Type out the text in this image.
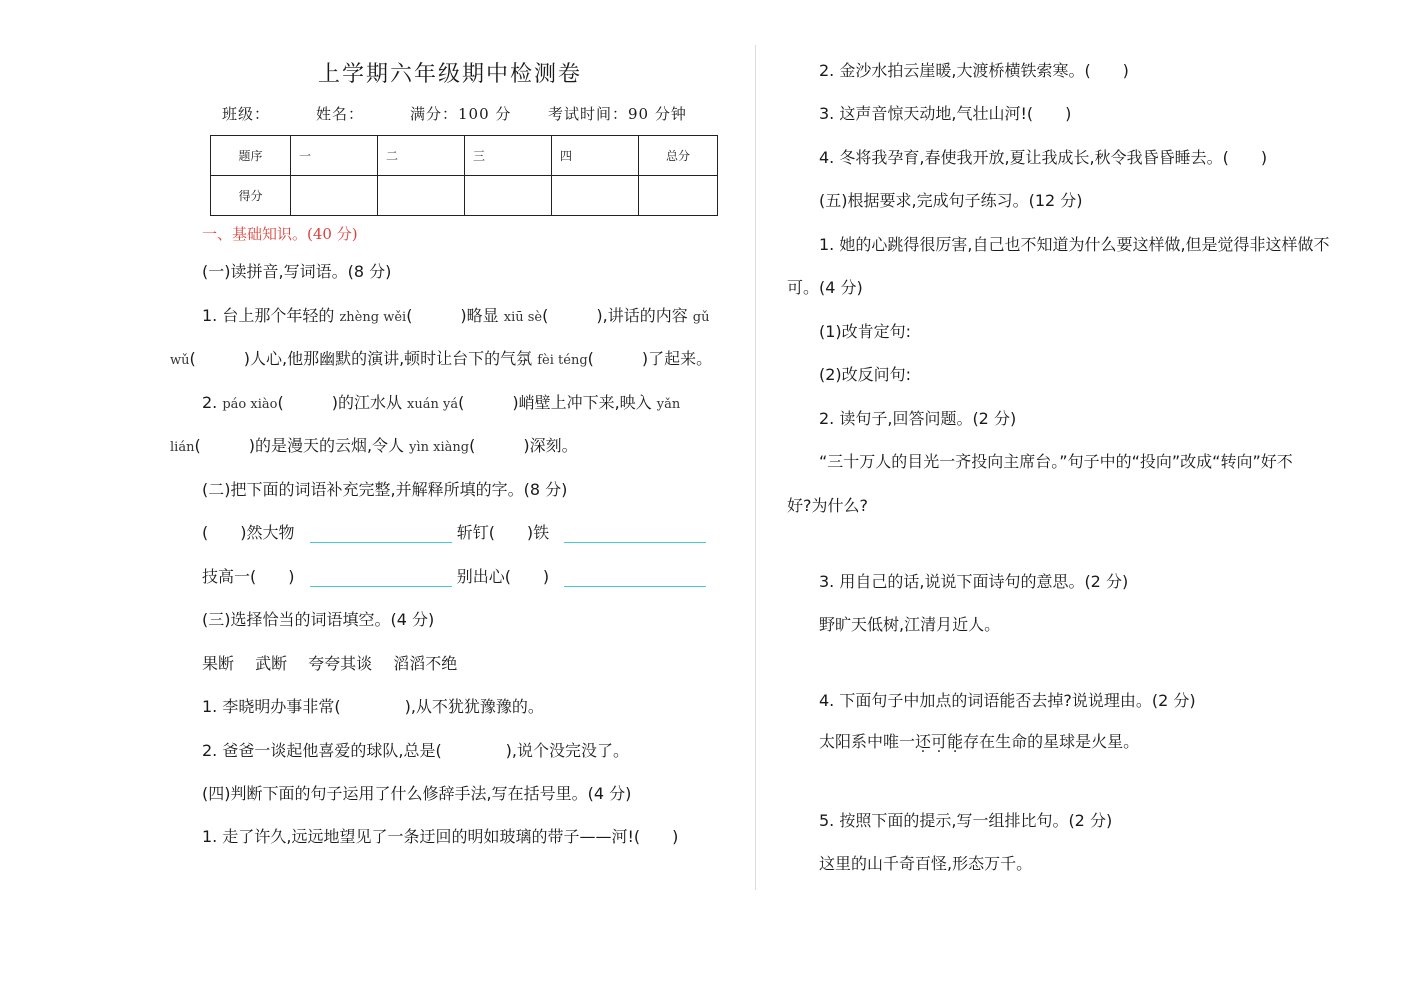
上学期六年级期中检测卷
班级：	姓名：	满分：100 分 考试时间：90 分钟
题序	一	二	三	四	总分
得分					
一、基础知识。(40 分)
(一)读拼音,写词语。(8 分)
1. 台上那个年轻的 zhèng wěi(　　　)略显 xiū sè(　　　),讲话的内容 gǔ
wǔ(　　　)人心,他那幽默的演讲,顿时让台下的气氛 fèi téng(　　　)了起来。
2. páo xiào(　　　)的江水从 xuán yá(　　　)峭壁上冲下来,映入 yǎn
lián(　　　)的是漫天的云烟,令人 yìn xiàng(　　　)深刻。
(二)把下面的词语补充完整,并解释所填的字。(8 分)
(　　)然大物	斩钉(　　)铁
技高一(　　)	别出心(　　)
(三)选择恰当的词语填空。(4 分)
果断　 武断　 夸夸其谈　 滔滔不绝
1. 李晓明办事非常(　　　　),从不犹犹豫豫的。
2. 爸爸一谈起他喜爱的球队,总是(　　　　),说个没完没了。
(四)判断下面的句子运用了什么修辞手法,写在括号里。(4 分)
1. 走了许久,远远地望见了一条迂回的明如玻璃的带子——河!(　　)
2. 金沙水拍云崖暖,大渡桥横铁索寒。(　　)
3. 这声音惊天动地,气壮山河!(　　)
4. 冬将我孕育,春使我开放,夏让我成长,秋令我昏昏睡去。(　　)
(五)根据要求,完成句子练习。(12 分)
1. 她的心跳得很厉害,自己也不知道为什么要这样做,但是觉得非这样做不
可。(4 分)
(1)改肯定句:
(2)改反问句:
2. 读句子,回答问题。(2 分)
“三十万人的目光一齐投向主席台。”句子中的“投向”改成“转向”好不
好?为什么?
3. 用自己的话,说说下面诗句的意思。(2 分)
野旷天低树,江清月近人。
4. 下面句子中加点的词语能否去掉?说说理由。(2 分)
太阳系中唯一还可能存在生命的星球是火星。
5. 按照下面的提示,写一组排比句。(2 分)
这里的山千奇百怪,形态万千。
